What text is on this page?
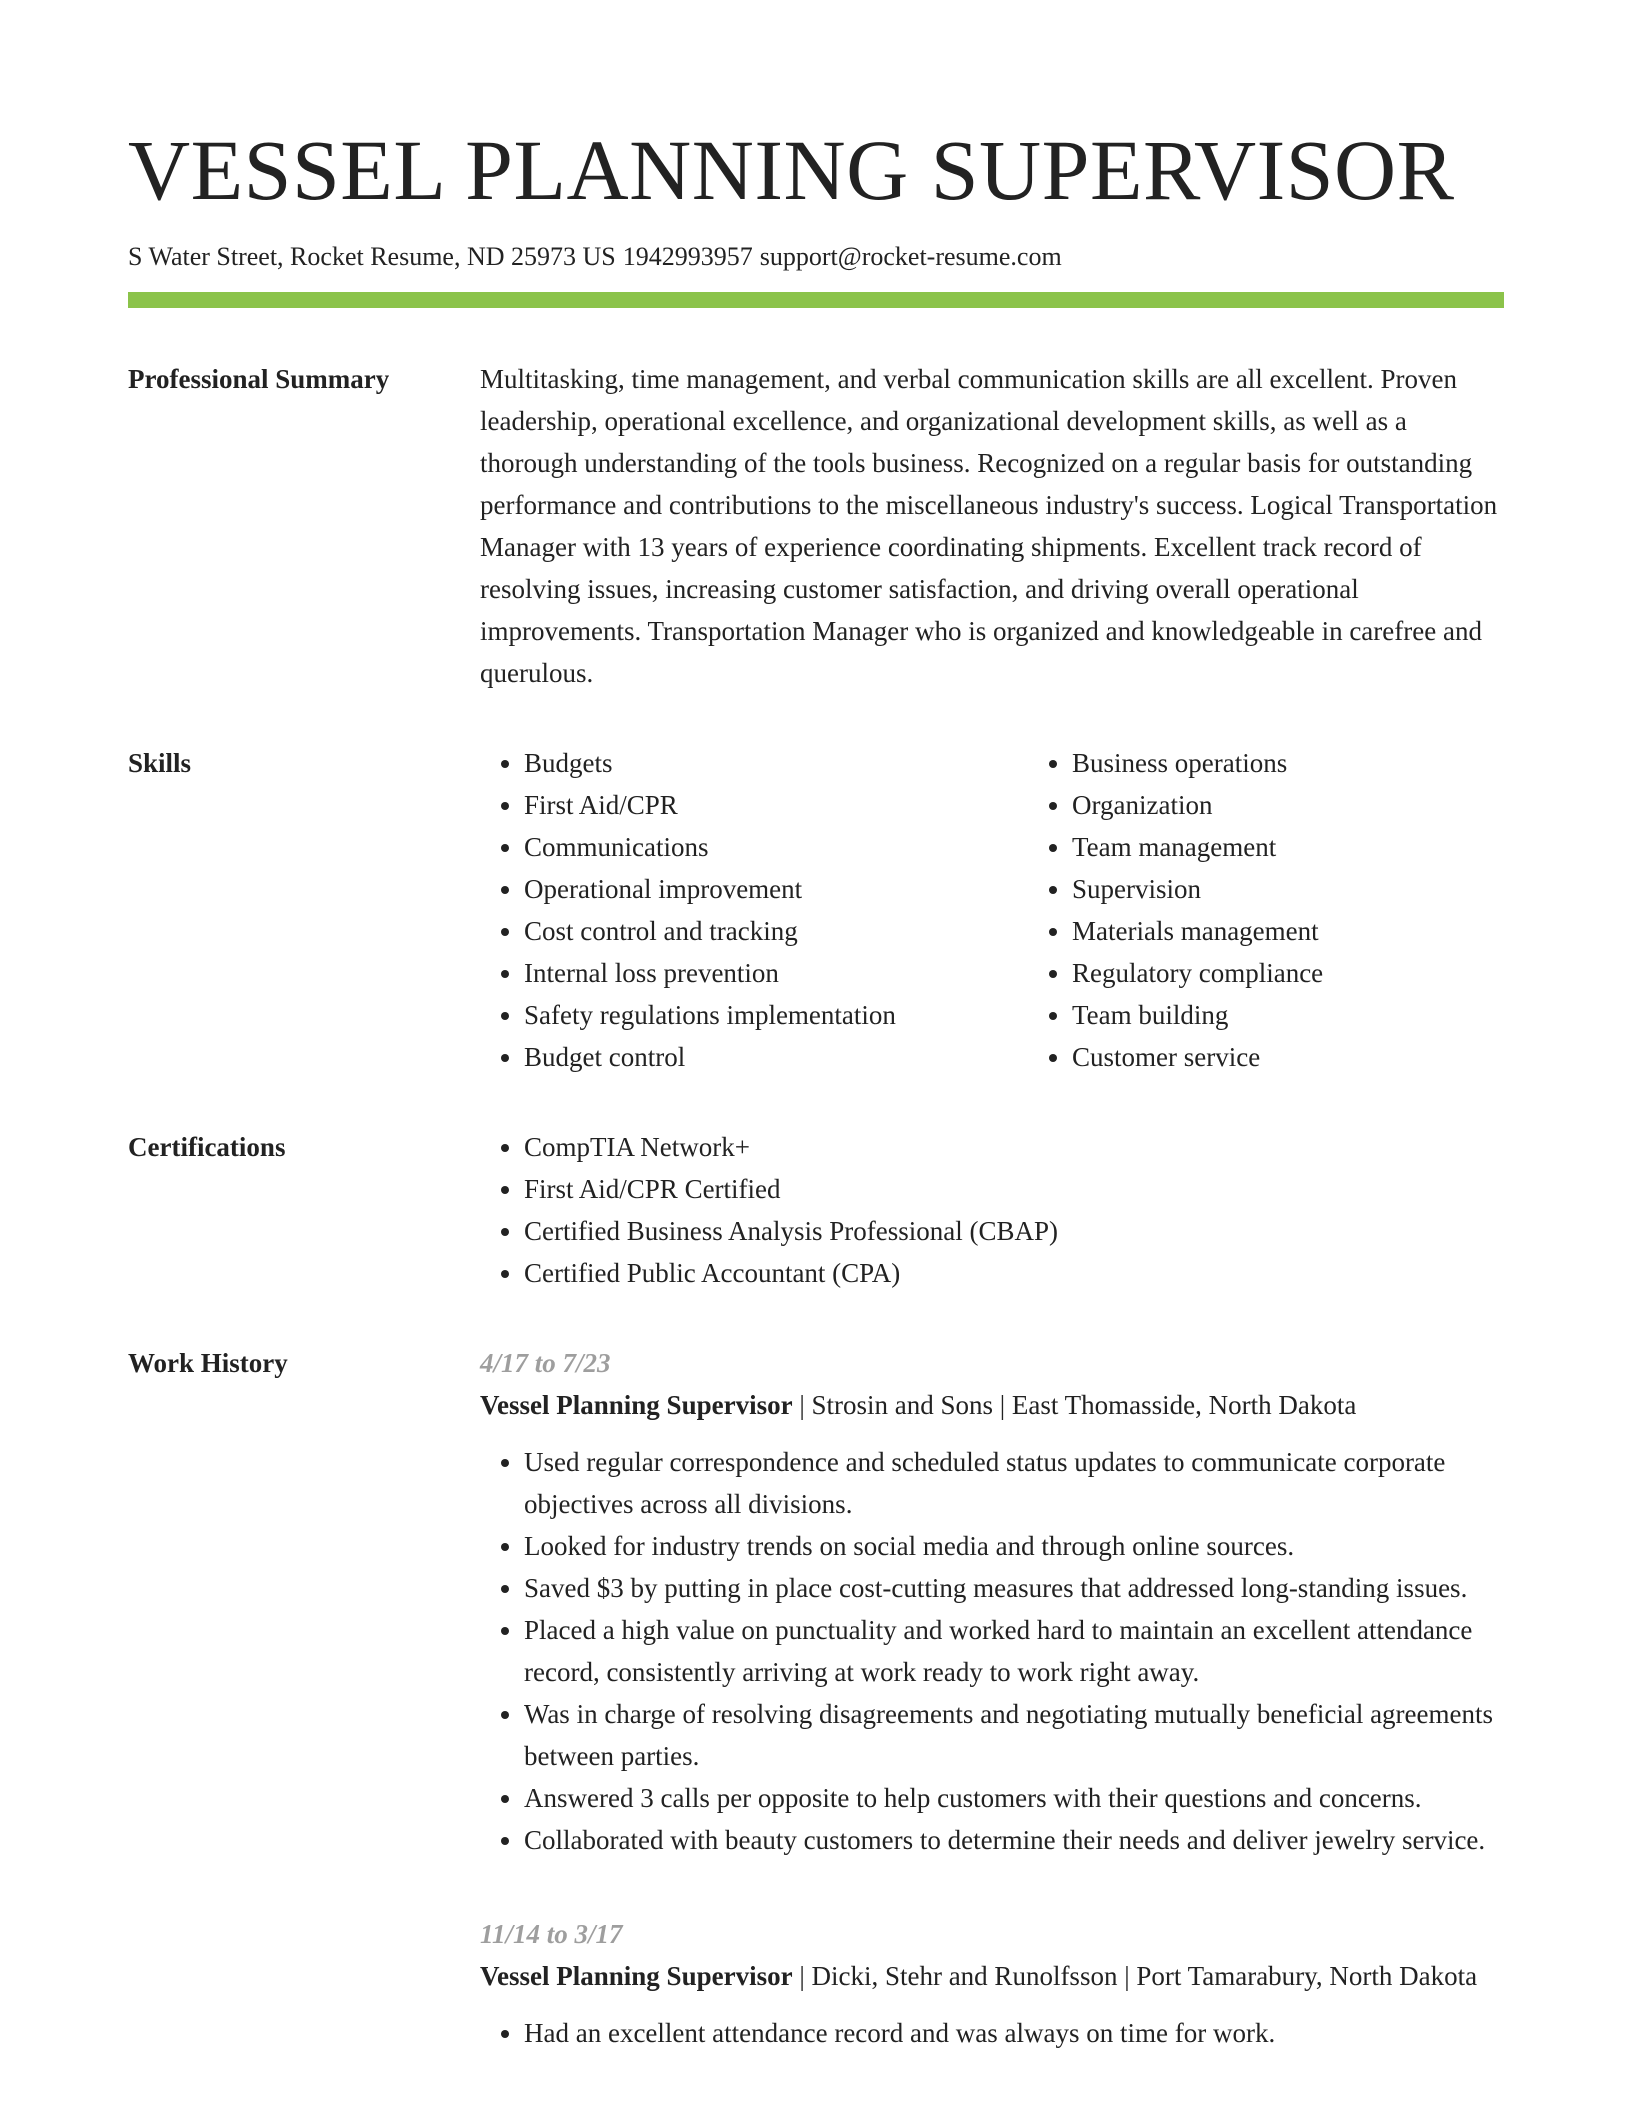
VESSEL PLANNING SUPERVISOR
S Water Street, Rocket Resume, ND 25973 US 1942993957 support@rocket-resume.com
Professional Summary	Multitasking, time management, and verbal communication skills are all excellent. Proven leadership, operational excellence, and organizational development skills, as well as a thorough understanding of the tools business. Recognized on a regular basis for outstanding performance and contributions to the miscellaneous industry's success. Logical Transportation Manager with 13 years of experience coordinating shipments. Excellent track record of resolving issues, increasing customer satisfaction, and driving overall operational improvements. Transportation Manager who is organized and knowledgeable in carefree and querulous.

Skills	• Budgets
• First Aid/CPR
• Communications
• Operational improvement
• Cost control and tracking
• Internal loss prevention
• Safety regulations implementation
• Budget control
• Business operations
• Organization
• Team management
• Supervision
• Materials management
• Regulatory compliance
• Team building
• Customer service
Certifications	• CompTIA Network+
• First Aid/CPR Certified
• Certified Business Analysis Professional (CBAP)
• Certified Public Accountant (CPA)
Work History	4/17 to 7/23
Vessel Planning Supervisor | Strosin and Sons | East Thomasside, North Dakota
• Used regular correspondence and scheduled status updates to communicate corporate objectives across all divisions.
• Looked for industry trends on social media and through online sources.
• Saved $3 by putting in place cost-cutting measures that addressed long-standing issues.
• Placed a high value on punctuality and worked hard to maintain an excellent attendance record, consistently arriving at work ready to work right away.
• Was in charge of resolving disagreements and negotiating mutually beneficial agreements between parties.
• Answered 3 calls per opposite to help customers with their questions and concerns.
• Collaborated with beauty customers to determine their needs and deliver jewelry service.
11/14 to 3/17
Vessel Planning Supervisor | Dicki, Stehr and Runolfsson | Port Tamarabury, North Dakota
• Had an excellent attendance record and was always on time for work.
